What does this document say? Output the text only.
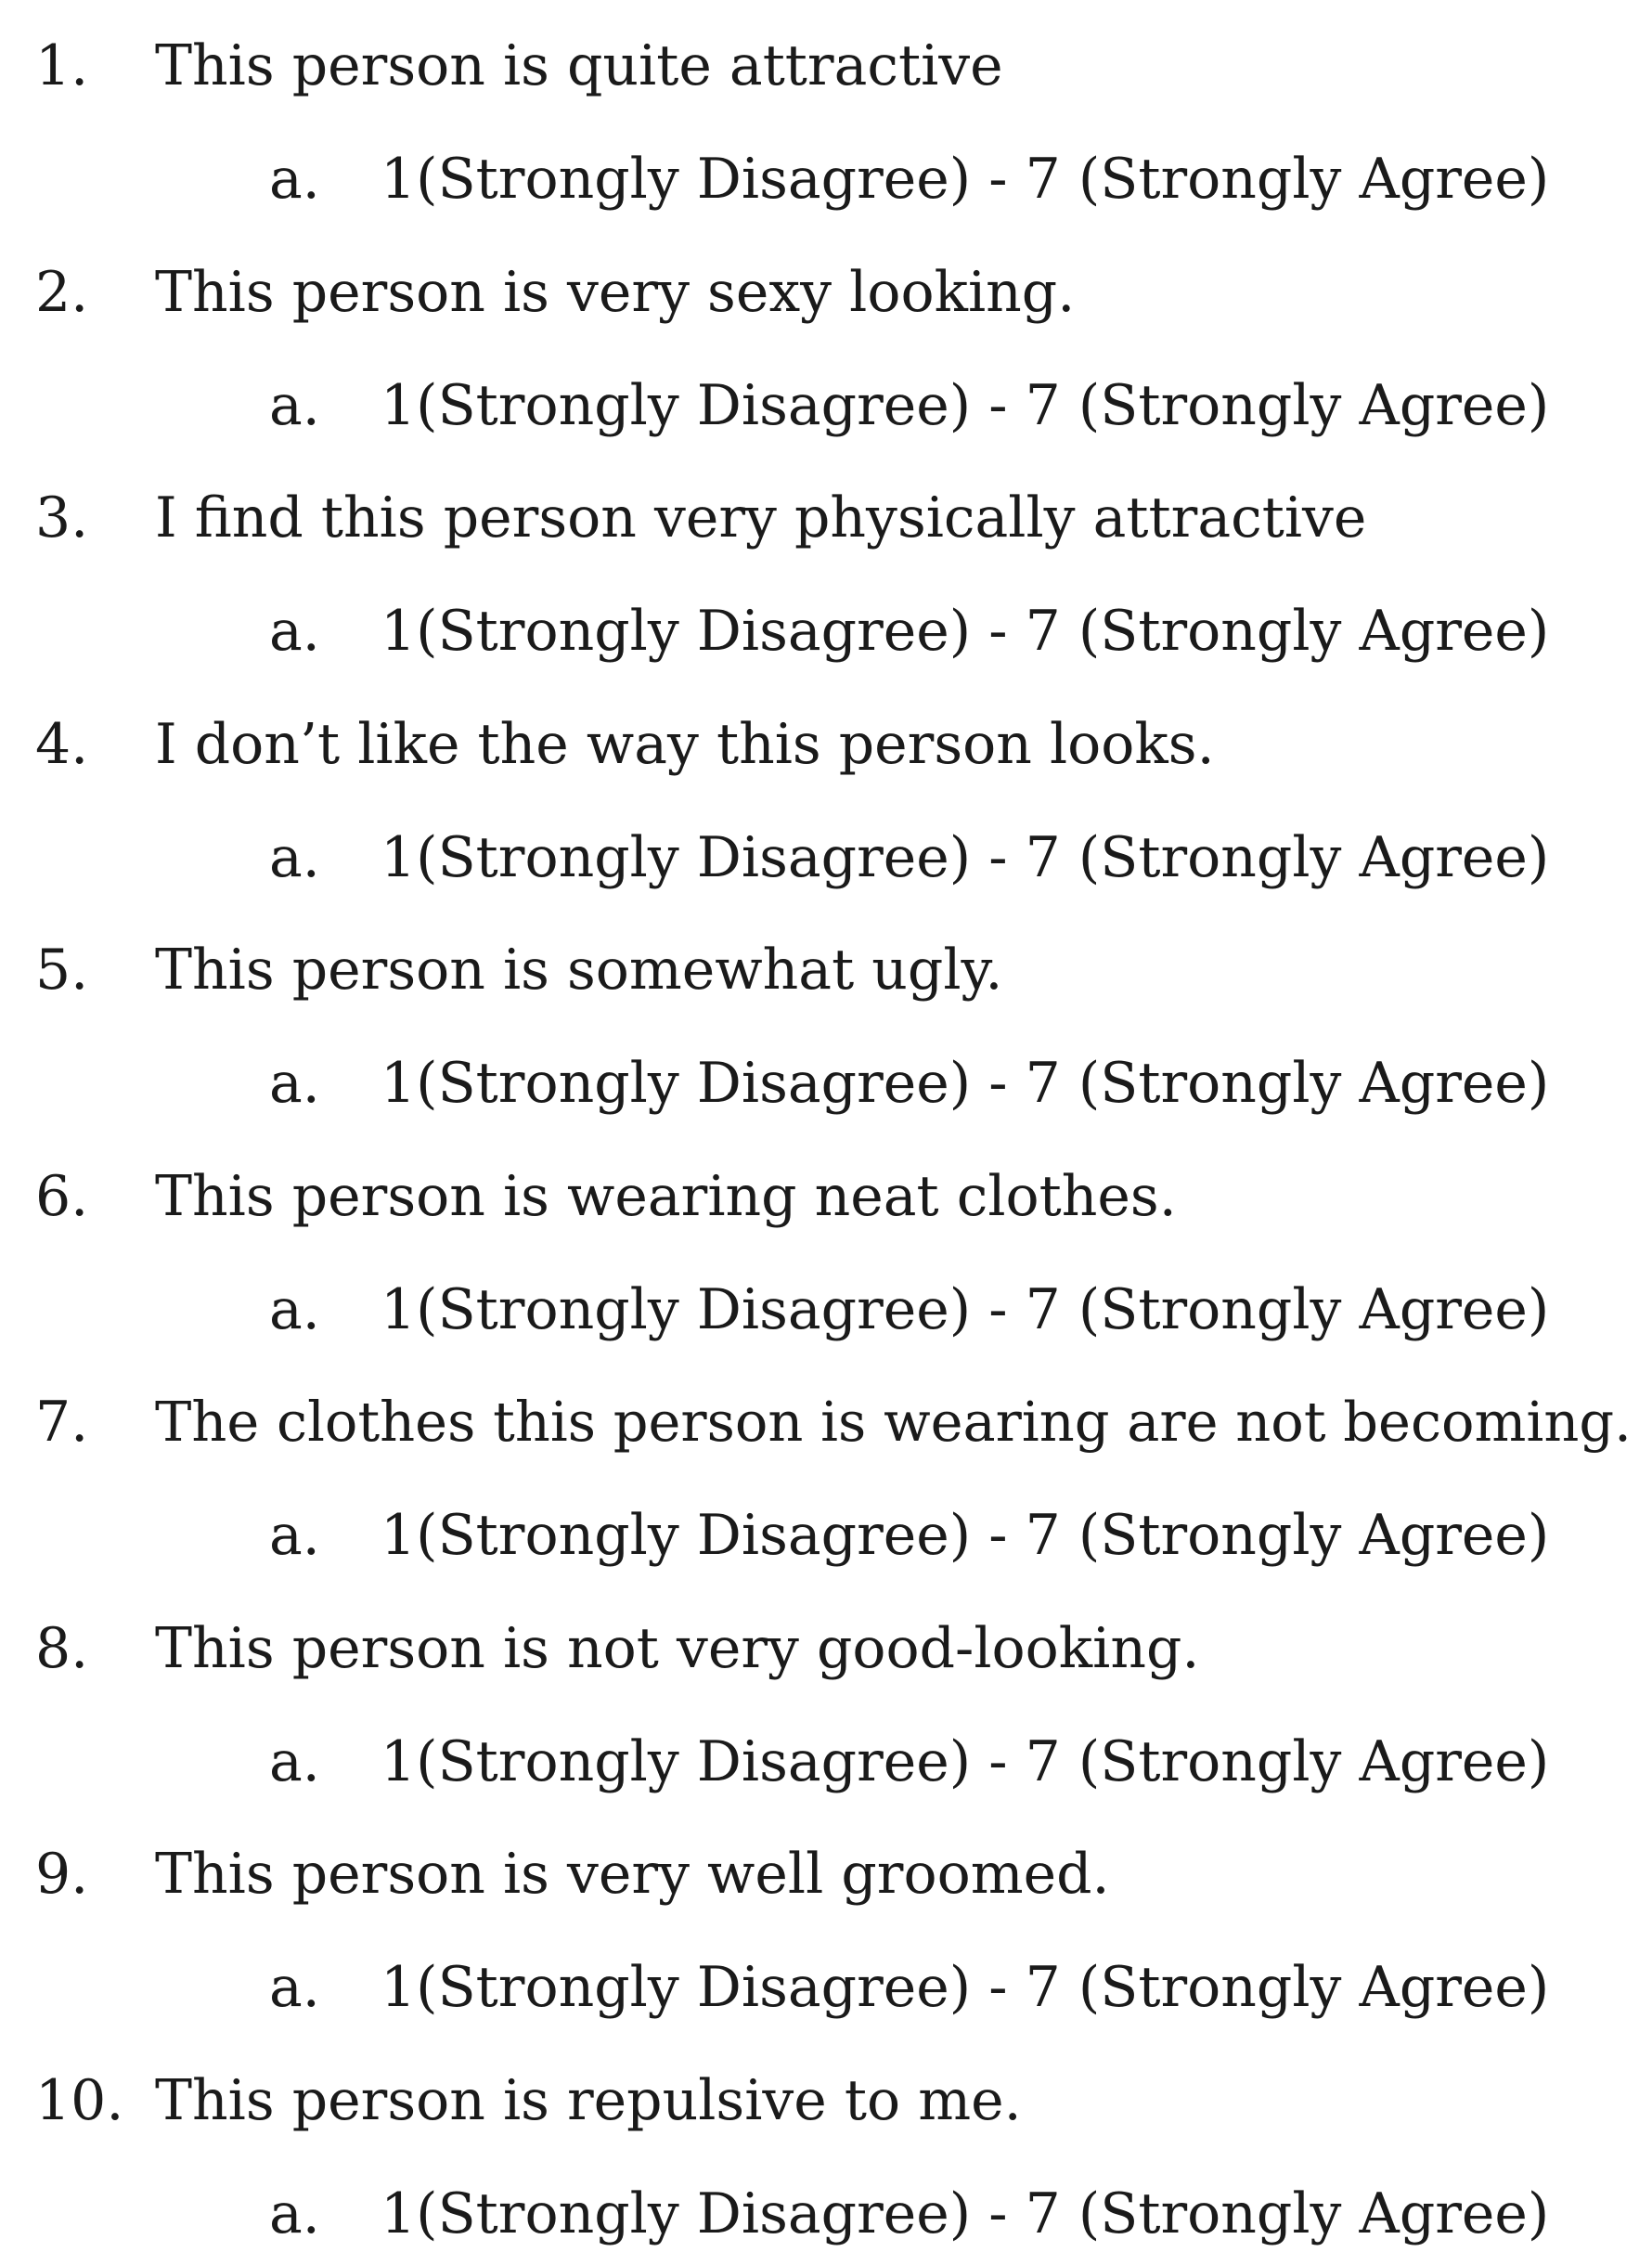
1. This person is quite attractive
a. 1(Strongly Disagree) - 7 (Strongly Agree)
2. This person is very sexy looking.
a. 1(Strongly Disagree) - 7 (Strongly Agree)
3. I find this person very physically attractive
a. 1(Strongly Disagree) - 7 (Strongly Agree)
4. I don’t like the way this person looks.
a. 1(Strongly Disagree) - 7 (Strongly Agree)
5. This person is somewhat ugly.
a. 1(Strongly Disagree) - 7 (Strongly Agree)
6. This person is wearing neat clothes.
a. 1(Strongly Disagree) - 7 (Strongly Agree)
7. The clothes this person is wearing are not becoming.
a. 1(Strongly Disagree) - 7 (Strongly Agree)
8. This person is not very good-looking.
a. 1(Strongly Disagree) - 7 (Strongly Agree)
9. This person is very well groomed.
a. 1(Strongly Disagree) - 7 (Strongly Agree)
10. This person is repulsive to me.
a. 1(Strongly Disagree) - 7 (Strongly Agree)
